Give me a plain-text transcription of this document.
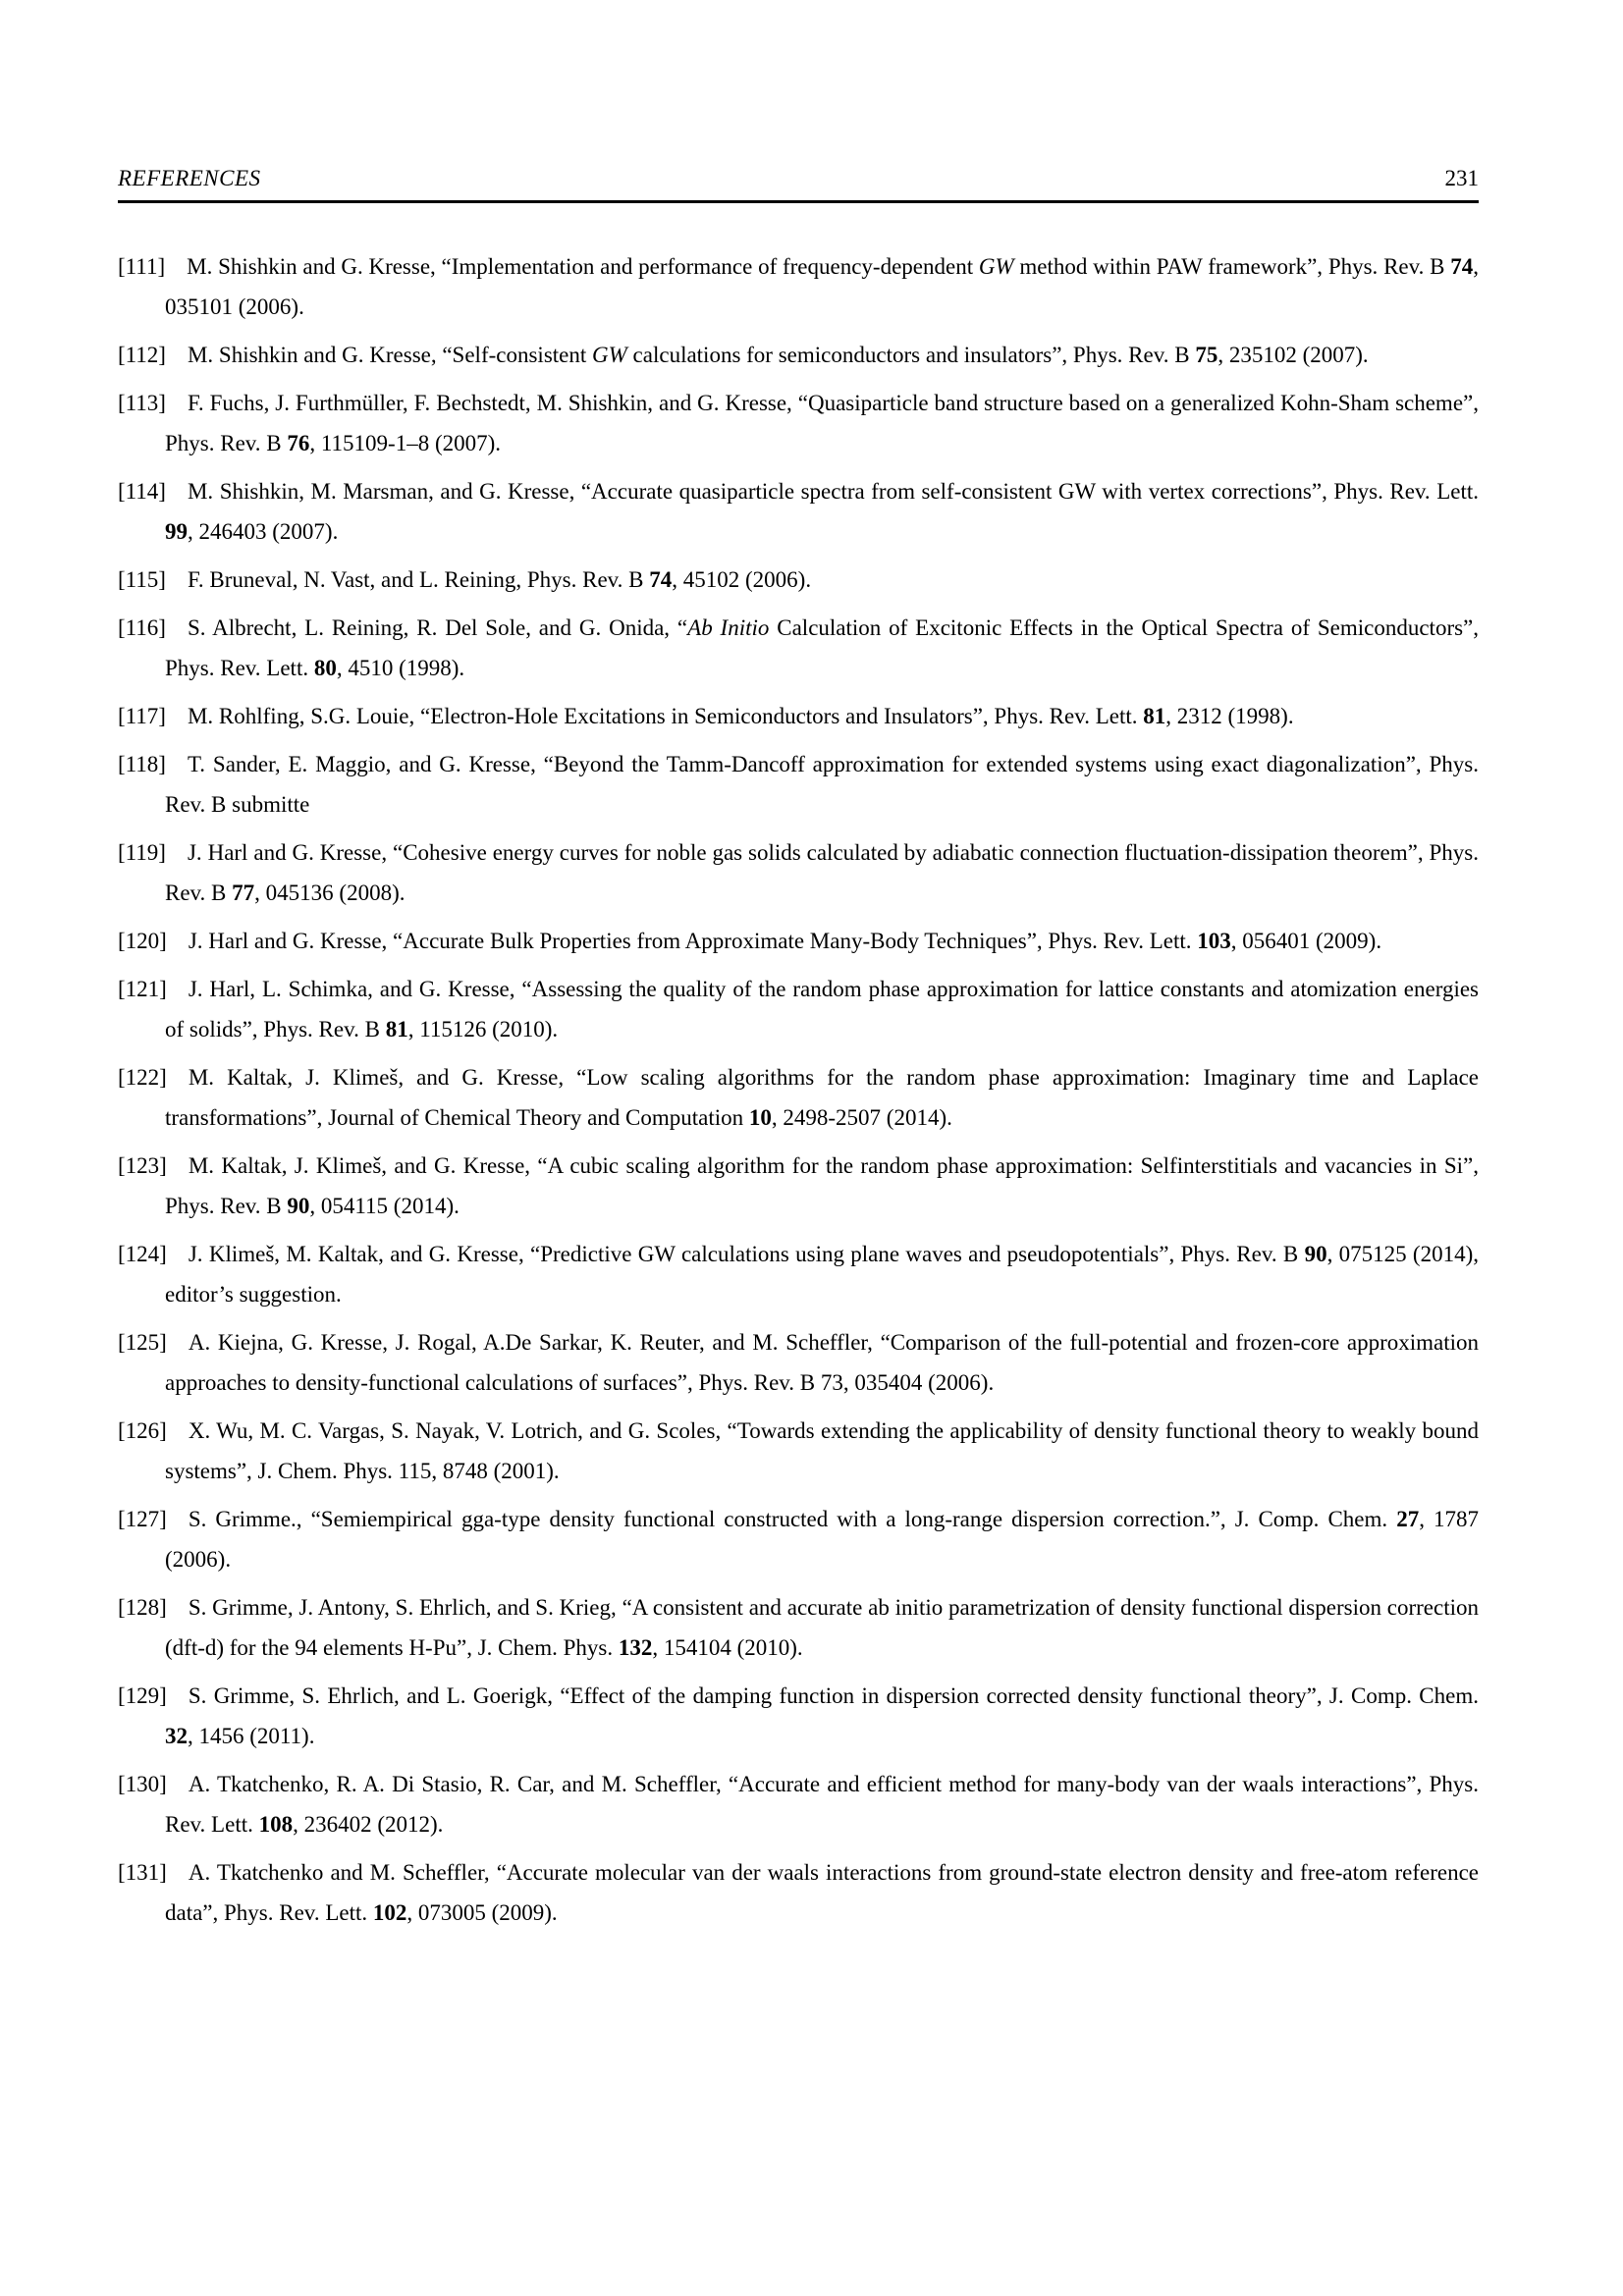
REFERENCES	231

[111] M. Shishkin and G. Kresse, “Implementation and performance of frequency-dependent GW method within PAW framework”, Phys. Rev. B 74, 035101 (2006).

[112] M. Shishkin and G. Kresse, “Self-consistent GW calculations for semiconductors and insulators”, Phys. Rev. B 75, 235102 (2007).

[113] F. Fuchs, J. Furthmüller, F. Bechstedt, M. Shishkin, and G. Kresse, “Quasiparticle band structure based on a generalized Kohn-Sham scheme”, Phys. Rev. B 76, 115109-1–8 (2007).

[114] M. Shishkin, M. Marsman, and G. Kresse, “Accurate quasiparticle spectra from self-consistent GW with vertex corrections”, Phys. Rev. Lett. 99, 246403 (2007).

[115] F. Bruneval, N. Vast, and L. Reining, Phys. Rev. B 74, 45102 (2006).

[116] S. Albrecht, L. Reining, R. Del Sole, and G. Onida, “Ab Initio Calculation of Excitonic Effects in the Optical Spectra of Semiconductors”, Phys. Rev. Lett. 80, 4510 (1998).

[117] M. Rohlfing, S.G. Louie, “Electron-Hole Excitations in Semiconductors and Insulators”, Phys. Rev. Lett. 81, 2312 (1998).

[118] T. Sander, E. Maggio, and G. Kresse, “Beyond the Tamm-Dancoff approximation for extended systems using exact diagonalization”, Phys. Rev. B submitte

[119] J. Harl and G. Kresse, “Cohesive energy curves for noble gas solids calculated by adiabatic connection fluctuation-dissipation theorem”, Phys. Rev. B 77, 045136 (2008).

[120] J. Harl and G. Kresse, “Accurate Bulk Properties from Approximate Many-Body Techniques”, Phys. Rev. Lett. 103, 056401 (2009).

[121] J. Harl, L. Schimka, and G. Kresse, “Assessing the quality of the random phase approximation for lattice constants and atomization energies of solids”, Phys. Rev. B 81, 115126 (2010).

[122] M. Kaltak, J. Klimeš, and G. Kresse, “Low scaling algorithms for the random phase approximation: Imaginary time and Laplace transformations”, Journal of Chemical Theory and Computation 10, 2498-2507 (2014).

[123] M. Kaltak, J. Klimeš, and G. Kresse, “A cubic scaling algorithm for the random phase approximation: Selfinterstitials and vacancies in Si”, Phys. Rev. B 90, 054115 (2014).

[124] J. Klimeš, M. Kaltak, and G. Kresse, “Predictive GW calculations using plane waves and pseudopotentials”, Phys. Rev. B 90, 075125 (2014), editor’s suggestion.

[125] A. Kiejna, G. Kresse, J. Rogal, A.De Sarkar, K. Reuter, and M. Scheffler, “Comparison of the full-potential and frozen-core approximation approaches to density-functional calculations of surfaces”, Phys. Rev. B 73, 035404 (2006).

[126] X. Wu, M. C. Vargas, S. Nayak, V. Lotrich, and G. Scoles, “Towards extending the applicability of density functional theory to weakly bound systems”, J. Chem. Phys. 115, 8748 (2001).

[127] S. Grimme., “Semiempirical gga-type density functional constructed with a long-range dispersion correction.”, J. Comp. Chem. 27, 1787 (2006).

[128] S. Grimme, J. Antony, S. Ehrlich, and S. Krieg, “A consistent and accurate ab initio parametrization of density functional dispersion correction (dft-d) for the 94 elements H-Pu”, J. Chem. Phys. 132, 154104 (2010).

[129] S. Grimme, S. Ehrlich, and L. Goerigk, “Effect of the damping function in dispersion corrected density functional theory”, J. Comp. Chem. 32, 1456 (2011).

[130] A. Tkatchenko, R. A. Di Stasio, R. Car, and M. Scheffler, “Accurate and efficient method for many-body van der waals interactions”, Phys. Rev. Lett. 108, 236402 (2012).

[131] A. Tkatchenko and M. Scheffler, “Accurate molecular van der waals interactions from ground-state electron density and free-atom reference data”, Phys. Rev. Lett. 102, 073005 (2009).
